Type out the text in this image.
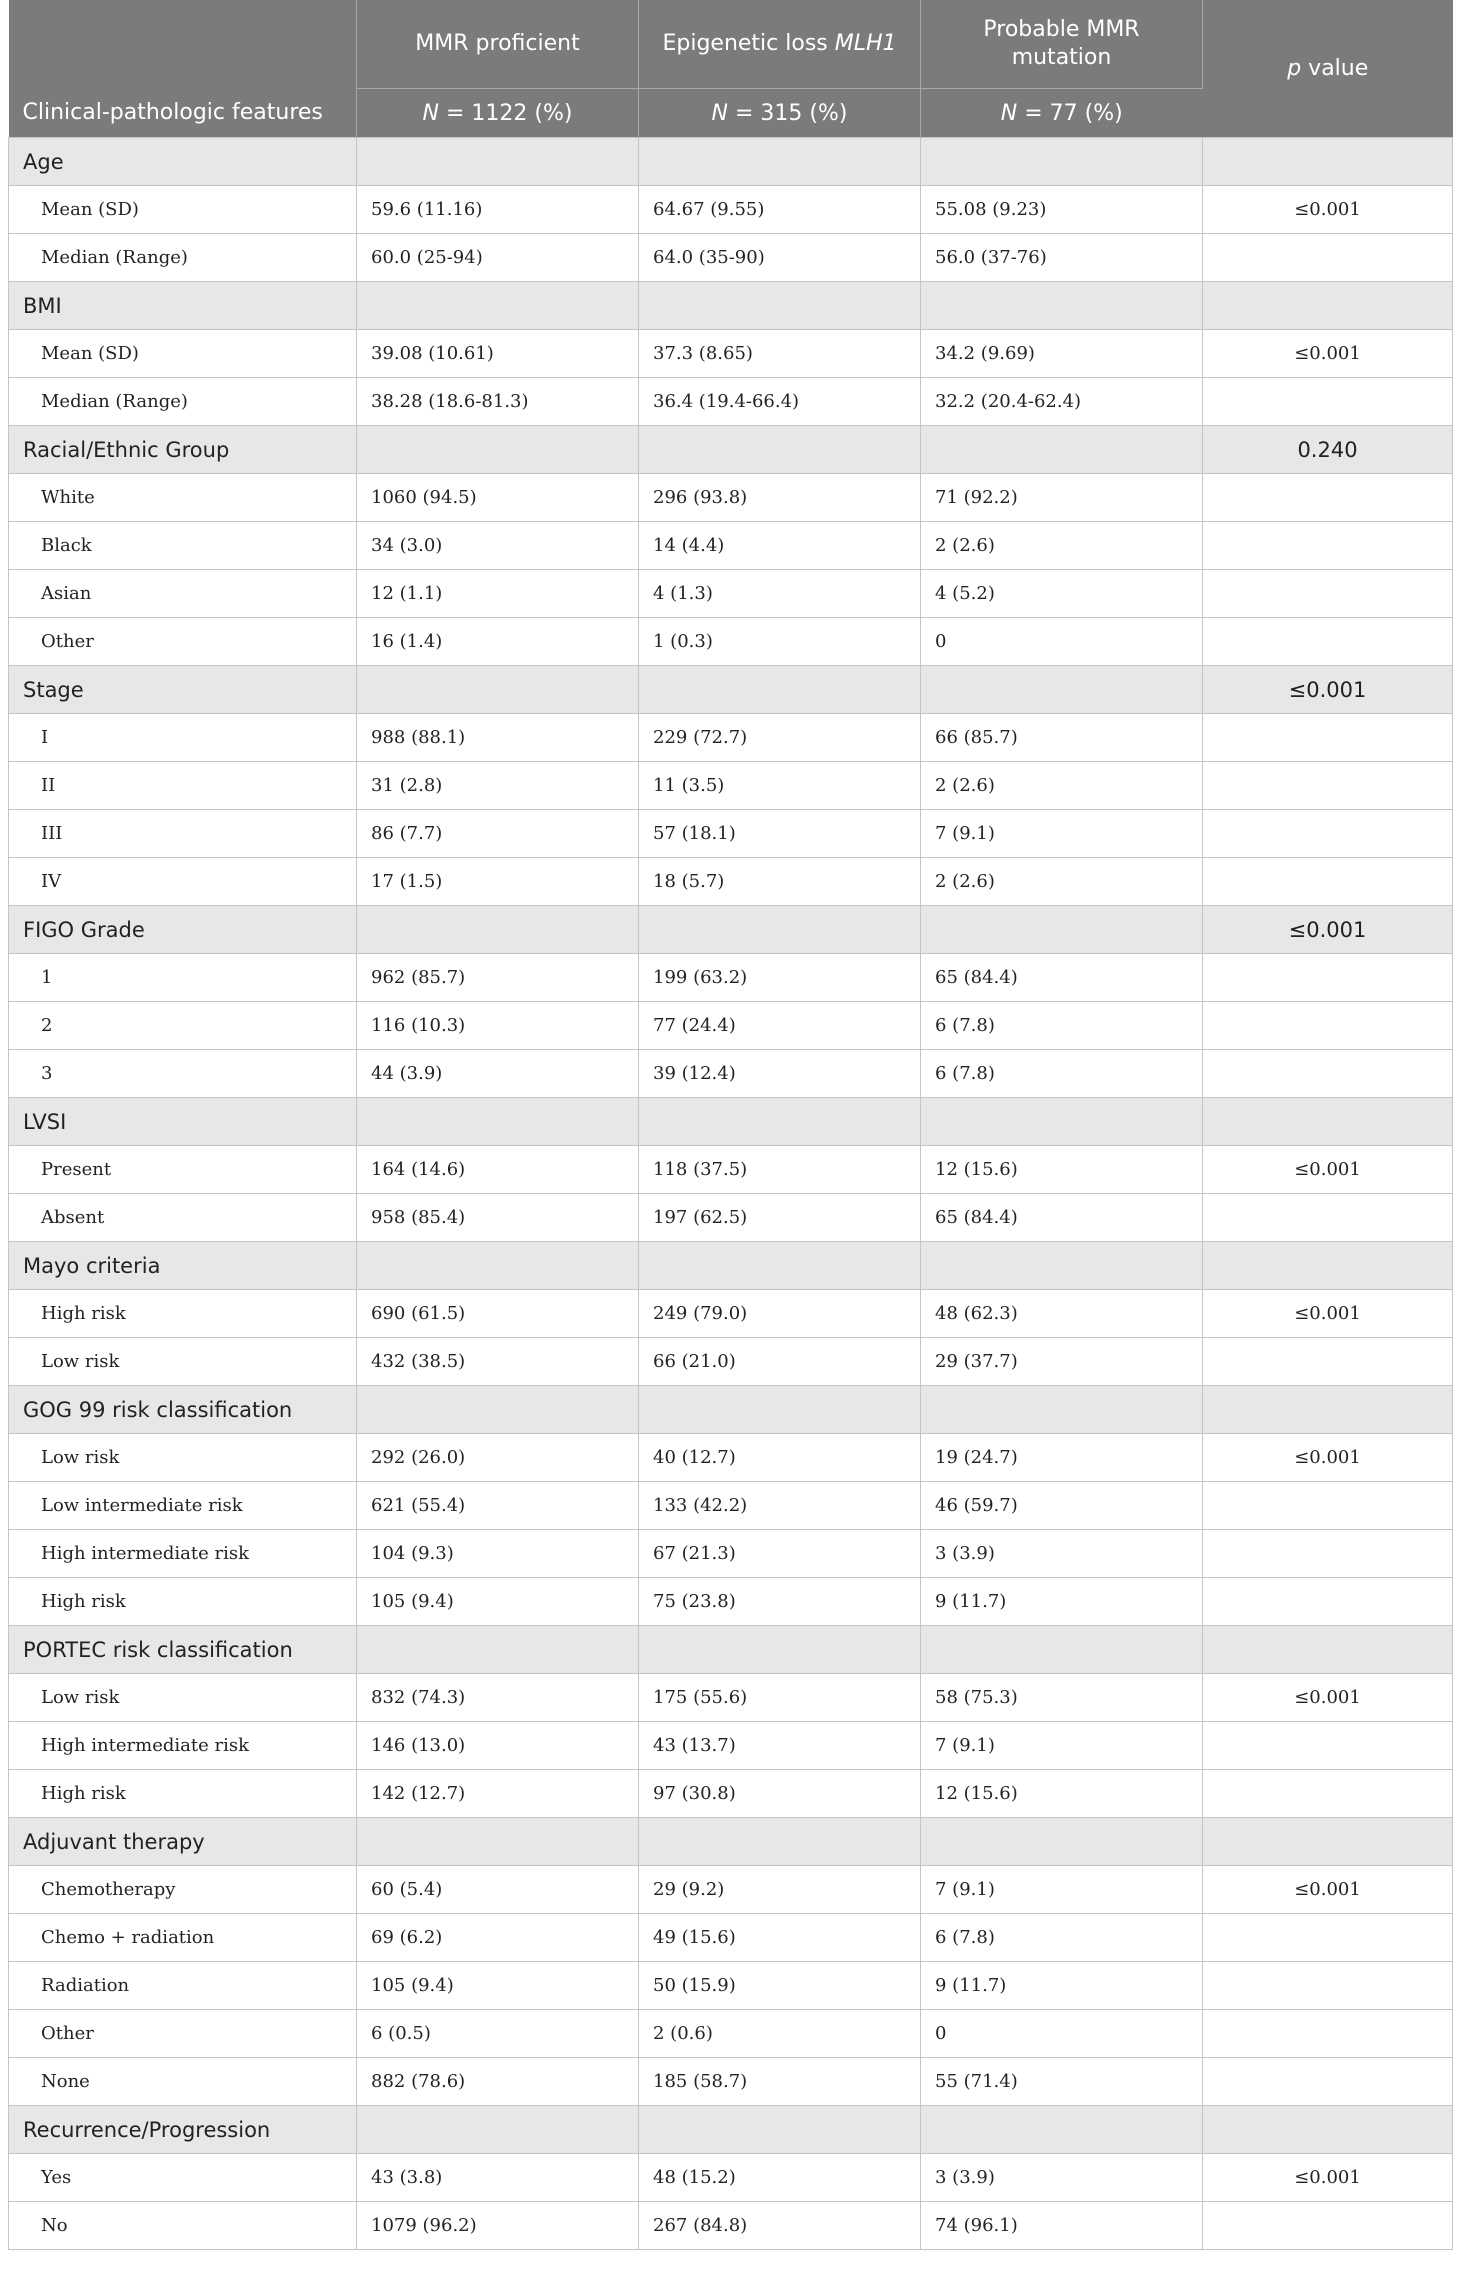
	MMR proficient	Epigenetic loss MLH1	Probable MMR mutation	p value
Clinical-pathologic features	N = 1122 (%)	N = 315 (%)	N = 77 (%)	
Age				
Mean (SD)	59.6 (11.16)	64.67 (9.55)	55.08 (9.23)	≤0.001
Median (Range)	60.0 (25-94)	64.0 (35-90)	56.0 (37-76)	
BMI				
Mean (SD)	39.08 (10.61)	37.3 (8.65)	34.2 (9.69)	≤0.001
Median (Range)	38.28 (18.6-81.3)	36.4 (19.4-66.4)	32.2 (20.4-62.4)	
Racial/Ethnic Group				0.240
White	1060 (94.5)	296 (93.8)	71 (92.2)	
Black	34 (3.0)	14 (4.4)	2 (2.6)	
Asian	12 (1.1)	4 (1.3)	4 (5.2)	
Other	16 (1.4)	1 (0.3)	0	
Stage				≤0.001
I	988 (88.1)	229 (72.7)	66 (85.7)	
II	31 (2.8)	11 (3.5)	2 (2.6)	
III	86 (7.7)	57 (18.1)	7 (9.1)	
IV	17 (1.5)	18 (5.7)	2 (2.6)	
FIGO Grade				≤0.001
1	962 (85.7)	199 (63.2)	65 (84.4)	
2	116 (10.3)	77 (24.4)	6 (7.8)	
3	44 (3.9)	39 (12.4)	6 (7.8)	
LVSI				
Present	164 (14.6)	118 (37.5)	12 (15.6)	≤0.001
Absent	958 (85.4)	197 (62.5)	65 (84.4)	
Mayo criteria				
High risk	690 (61.5)	249 (79.0)	48 (62.3)	≤0.001
Low risk	432 (38.5)	66 (21.0)	29 (37.7)	
GOG 99 risk classification				
Low risk	292 (26.0)	40 (12.7)	19 (24.7)	≤0.001
Low intermediate risk	621 (55.4)	133 (42.2)	46 (59.7)	
High intermediate risk	104 (9.3)	67 (21.3)	3 (3.9)	
High risk	105 (9.4)	75 (23.8)	9 (11.7)	
PORTEC risk classification				
Low risk	832 (74.3)	175 (55.6)	58 (75.3)	≤0.001
High intermediate risk	146 (13.0)	43 (13.7)	7 (9.1)	
High risk	142 (12.7)	97 (30.8)	12 (15.6)	
Adjuvant therapy				
Chemotherapy	60 (5.4)	29 (9.2)	7 (9.1)	≤0.001
Chemo + radiation	69 (6.2)	49 (15.6)	6 (7.8)	
Radiation	105 (9.4)	50 (15.9)	9 (11.7)	
Other	6 (0.5)	2 (0.6)	0	
None	882 (78.6)	185 (58.7)	55 (71.4)	
Recurrence/Progression				
Yes	43 (3.8)	48 (15.2)	3 (3.9)	≤0.001
No	1079 (96.2)	267 (84.8)	74 (96.1)	
